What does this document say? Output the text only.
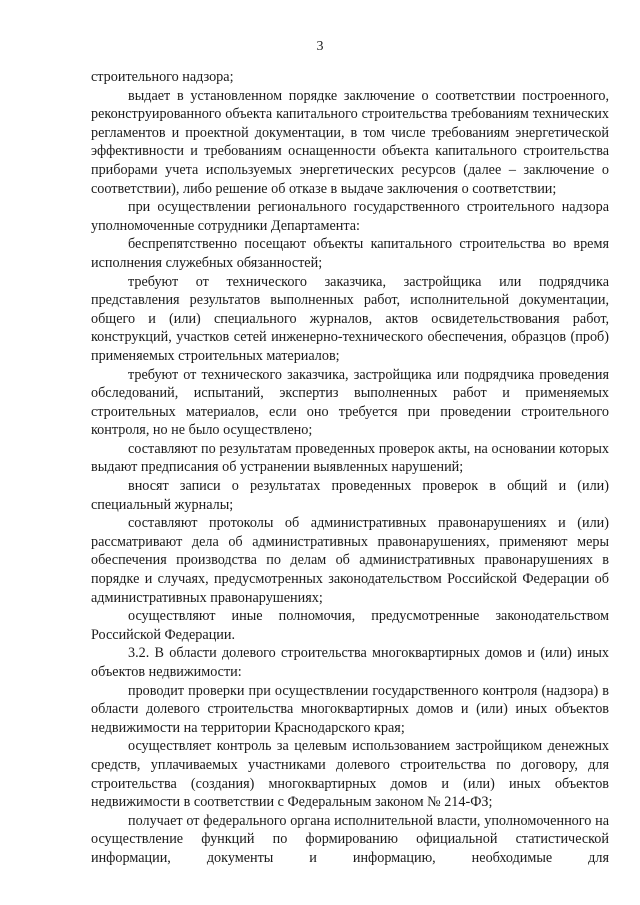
3

строительного надзора;

выдает в установленном порядке заключение о соответствии построенного, реконструированного объекта капитального строительства требованиям технических регламентов и проектной документации, в том числе требованиям энергетической эффективности и требованиям оснащенности объекта капитального строительства приборами учета используемых энергетических ресурсов (далее – заключение о соответствии), либо решение об отказе в выдаче заключения о соответствии;

при осуществлении регионального государственного строительного надзора уполномоченные сотрудники Департамента:

беспрепятственно посещают объекты капитального строительства во время исполнения служебных обязанностей;

требуют от технического заказчика, застройщика или подрядчика представления результатов выполненных работ, исполнительной документации, общего и (или) специального журналов, актов освидетельствования работ, конструкций, участков сетей инженерно-технического обеспечения, образцов (проб) применяемых строительных материалов;

требуют от технического заказчика, застройщика или подрядчика проведения обследований, испытаний, экспертиз выполненных работ и применяемых строительных материалов, если оно требуется при проведении строительного контроля, но не было осуществлено;

составляют по результатам проведенных проверок акты, на основании которых выдают предписания об устранении выявленных нарушений;

вносят записи о результатах проведенных проверок в общий и (или) специальный журналы;

составляют протоколы об административных правонарушениях и (или) рассматривают дела об административных правонарушениях, применяют меры обеспечения производства по делам об административных правонарушениях в порядке и случаях, предусмотренных законодательством Российской Федерации об административных правонарушениях;

осуществляют иные полномочия, предусмотренные законодательством Российской Федерации.

3.2. В области долевого строительства многоквартирных домов и (или) иных объектов недвижимости:

проводит проверки при осуществлении государственного контроля (надзора) в области долевого строительства многоквартирных домов и (или) иных объектов недвижимости на территории Краснодарского края;

осуществляет контроль за целевым использованием застройщиком денежных средств, уплачиваемых участниками долевого строительства по договору, для строительства (создания) многоквартирных домов и (или) иных объектов недвижимости в соответствии с Федеральным законом № 214-ФЗ;

получает от федерального органа исполнительной власти, уполномоченного на осуществление функций по формированию официальной статистической информации, документы и информацию, необходимые для
